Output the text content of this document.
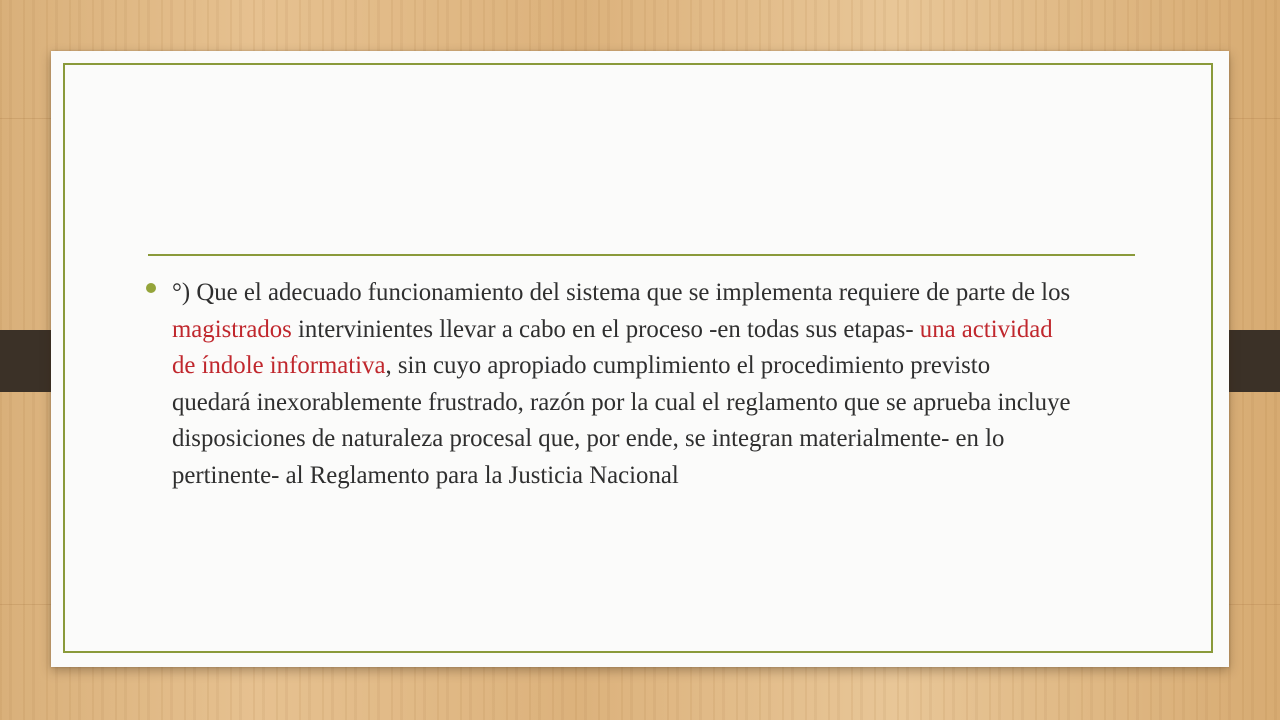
°) Que el adecuado funcionamiento del sistema que se implementa requiere de parte de los magistrados intervinientes llevar a cabo en el proceso -en todas sus etapas- una actividad de índole informativa, sin cuyo apropiado cumplimiento el procedimiento previsto quedará inexorablemente frustrado, razón por la cual el reglamento que se aprueba incluye disposiciones de naturaleza procesal que, por ende, se integran materialmente- en lo pertinente- al Reglamento para la Justicia Nacional
